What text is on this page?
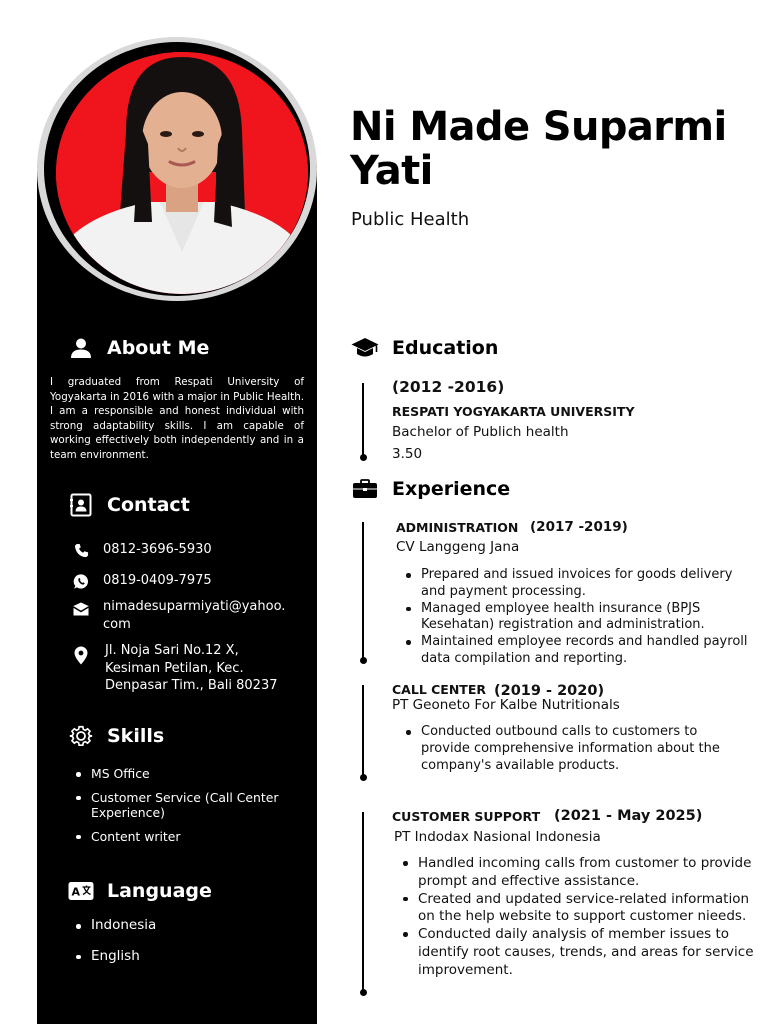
About Me

I graduated from Respati University of Yogyakarta in 2016 with a major in Public Health. I am a responsible and honest individual with strong adaptability skills. I am capable of working effectively both independently and in a team environment.

Contact
0812-3696-5930
0819-0409-7975
nimadesuparmiyati@yahoo.
com
Jl. Noja Sari No.12 X,
Kesiman Petilan, Kec.
Denpasar Tim., Bali 80237
Skills
MS Office
Customer Service (Call Center Experience)
Content writer
A Language
Indonesia
English
Ni Made Suparmi Yati
Public Health
Education
(2012 -2016)
RESPATI YOGYAKARTA UNIVERSITY
Bachelor of Publich health
3.50
Experience
ADMINISTRATION (2017 -2019)
CV Langgeng Jana
Prepared and issued invoices for goods delivery and payment processing.
Managed employee health insurance (BPJS Kesehatan) registration and administration.
Maintained employee records and handled payroll data compilation and reporting.
CALL CENTER (2019 - 2020)
PT Geoneto For Kalbe Nutritionals
Conducted outbound calls to customers to provide comprehensive information about the company's available products.
CUSTOMER SUPPORT (2021 - May 2025)
PT Indodax Nasional Indonesia
Handled incoming calls from customer to provide prompt and effective assistance.
Created and updated service-related information on the help website to support customer nieeds.
Conducted daily analysis of member issues to identify root causes, trends, and areas for service improvement.
